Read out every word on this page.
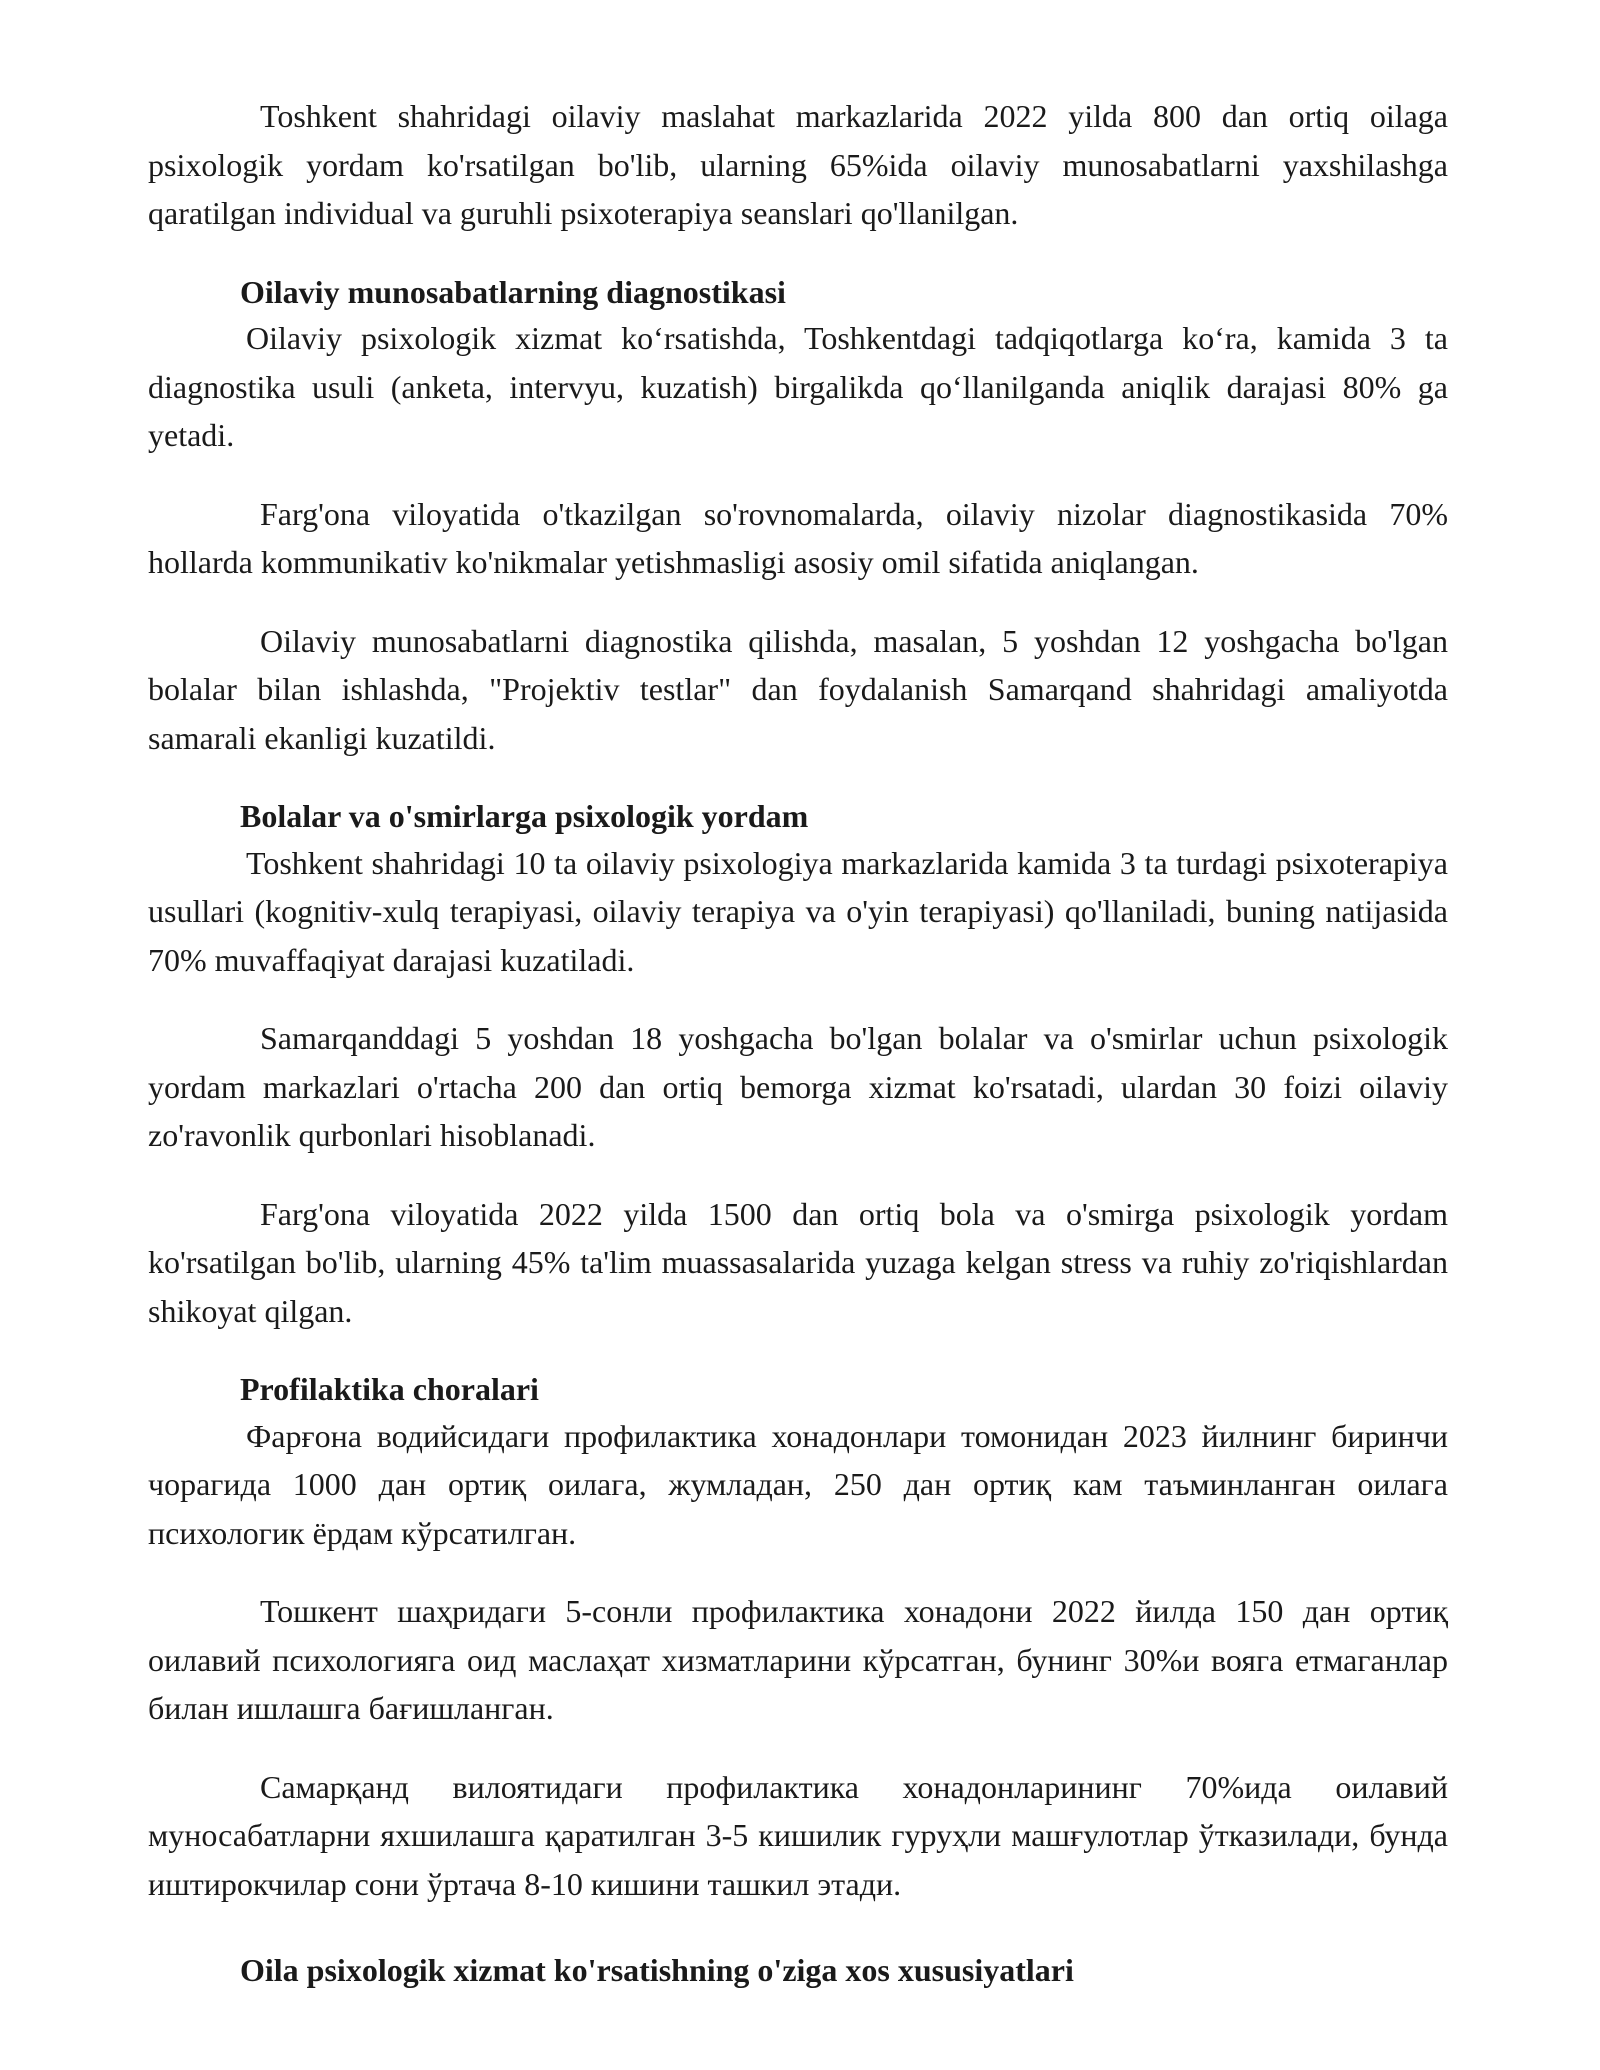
Toshkent shahridagi oilaviy maslahat markazlarida 2022 yilda 800 dan ortiq oilaga psixologik yordam ko'rsatilgan bo'lib, ularning 65%ida oilaviy munosabatlarni yaxshilashga qaratilgan individual va guruhli psixoterapiya seanslari qo'llanilgan.

Oilaviy munosabatlarning diagnostikasi

Oilaviy psixologik xizmat ko‘rsatishda, Toshkentdagi tadqiqotlarga ko‘ra, kamida 3 ta diagnostika usuli (anketa, intervyu, kuzatish) birgalikda qo‘llanilganda aniqlik darajasi 80% ga yetadi.

Farg'ona viloyatida o'tkazilgan so'rovnomalarda, oilaviy nizolar diagnostikasida 70% hollarda kommunikativ ko'nikmalar yetishmasligi asosiy omil sifatida aniqlangan.

Oilaviy munosabatlarni diagnostika qilishda, masalan, 5 yoshdan 12 yoshgacha bo'lgan bolalar bilan ishlashda, "Projektiv testlar" dan foydalanish Samarqand shahridagi amaliyotda samarali ekanligi kuzatildi.

Bolalar va o'smirlarga psixologik yordam

Toshkent shahridagi 10 ta oilaviy psixologiya markazlarida kamida 3 ta turdagi psixoterapiya usullari (kognitiv-xulq terapiyasi, oilaviy terapiya va o'yin terapiyasi) qo'llaniladi, buning natijasida 70% muvaffaqiyat darajasi kuzatiladi.

Samarqanddagi 5 yoshdan 18 yoshgacha bo'lgan bolalar va o'smirlar uchun psixologik yordam markazlari o'rtacha 200 dan ortiq bemorga xizmat ko'rsatadi, ulardan 30 foizi oilaviy zo'ravonlik qurbonlari hisoblanadi.

Farg'ona viloyatida 2022 yilda 1500 dan ortiq bola va o'smirga psixologik yordam ko'rsatilgan bo'lib, ularning 45% ta'lim muassasalarida yuzaga kelgan stress va ruhiy zo'riqishlardan shikoyat qilgan.

Profilaktika choralari

Фарғона водийсидаги профилактика хонадонлари томонидан 2023 йилнинг биринчи чорагида 1000 дан ортиқ оилага, жумладан, 250 дан ортиқ кам таъминланган оилага психологик ёрдам кўрсатилган.

Тошкент шаҳридаги 5-сонли профилактика хонадони 2022 йилда 150 дан ортиқ оилавий психологияга оид маслаҳат хизматларини кўрсатган, бунинг 30%и вояга етмаганлар билан ишлашга бағишланган.

Самарқанд вилоятидаги профилактика хонадонларининг 70%ида оилавий муносабатларни яхшилашга қаратилган 3-5 кишилик гуруҳли машғулотлар ўтказилади, бунда иштирокчилар сони ўртача 8-10 кишини ташкил этади.

Oila psixologik xizmat ko'rsatishning o'ziga xos xususiyatlari
